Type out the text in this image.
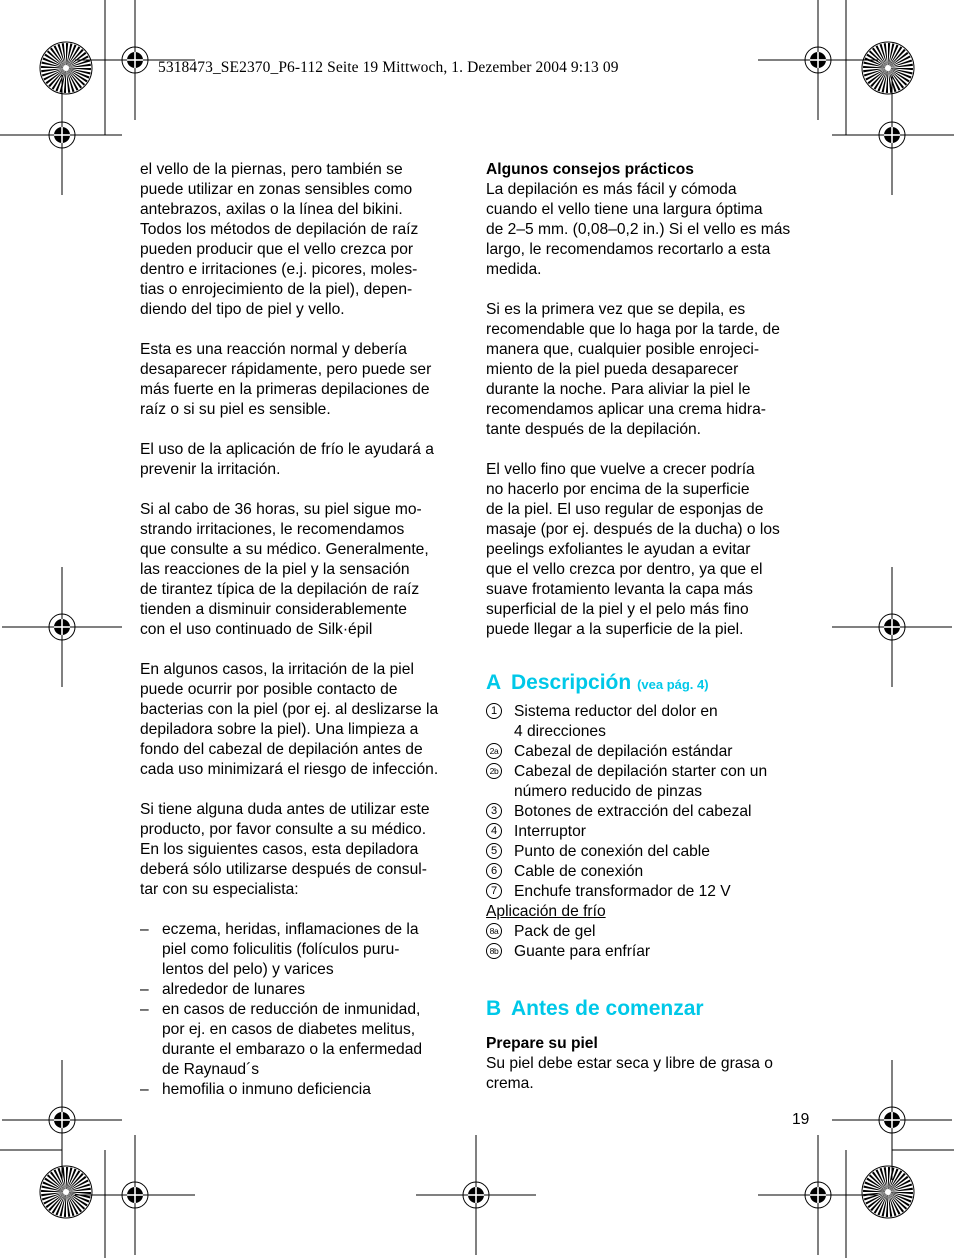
5318473_SE2370_P6-112 Seite 19 Mittwoch, 1. Dezember 2004 9:13 09

el vello de la piernas, pero también se
puede utilizar en zonas sensibles como
antebrazos, axilas o la línea del bikini.
Todos los métodos de depilación de raíz
pueden producir que el vello crezca por
dentro e irritaciones (e.j. picores, moles-
tias o enrojecimiento de la piel), depen-
diendo del tipo de piel y vello.

Esta es una reacción normal y debería
desaparecer rápidamente, pero puede ser
más fuerte en la primeras depilaciones de
raíz o si su piel es sensible.

El uso de la aplicación de frío le ayudará a
prevenir la irritación.

Si al cabo de 36 horas, su piel sigue mo-
strando irritaciones, le recomendamos
que consulte a su médico. Generalmente,
las reacciones de la piel y la sensación
de tirantez típica de la depilación de raíz
tienden a disminuir considerablemente
con el uso continuado de Silk·épil

En algunos casos, la irritación de la piel
puede ocurrir por posible contacto de
bacterias con la piel (por ej. al deslizarse la
depiladora sobre la piel). Una limpieza a
fondo del cabezal de depilación antes de
cada uso minimizará el riesgo de infección.

Si tiene alguna duda antes de utilizar este
producto, por favor consulte a su médico.
En los siguientes casos, esta depiladora
deberá sólo utilizarse después de consul-
tar con su especialista:

– eczema, heridas, inflamaciones de la
piel como foliculitis (folículos puru-
lentos del pelo) y varices
– alrededor de lunares
– en casos de reducción de inmunidad,
por ej. en casos de diabetes melitus,
durante el embarazo o la enfermedad
de Raynaud´s
– hemofilia o inmuno deficiencia

Algunos consejos prácticos

La depilación es más fácil y cómoda
cuando el vello tiene una largura óptima
de 2–5 mm. (0,08–0,2 in.) Si el vello es más
largo, le recomendamos recortarlo a esta
medida.

Si es la primera vez que se depila, es
recomendable que lo haga por la tarde, de
manera que, cualquier posible enrojeci-
miento de la piel pueda desaparecer
durante la noche. Para aliviar la piel le
recomendamos aplicar una crema hidra-
tante después de la depilación.

El vello fino que vuelve a crecer podría
no hacerlo por encima de la superficie
de la piel. El uso regular de esponjas de
masaje (por ej. después de la ducha) o los
peelings exfoliantes le ayudan a evitar
que el vello crezca por dentro, ya que el
suave frotamiento levanta la capa más
superficial de la piel y el pelo más fino
puede llegar a la superficie de la piel.

A Descripción (vea pág. 4)
1	Sistema reductor del dolor en
4 direcciones
2a Cabezal de depilación estándar
2b Cabezal de depilación starter con un
número reducido de pinzas
3	Botones de extracción del cabezal
4	Interruptor
5	Punto de conexión del cable
6	Cable de conexión
7	Enchufe transformador de 12 V
Aplicación de frío
8a Pack de gel
8b Guante para enfríar
B Antes de comenzar

Prepare su piel

Su piel debe estar seca y libre de grasa o
crema.

19
